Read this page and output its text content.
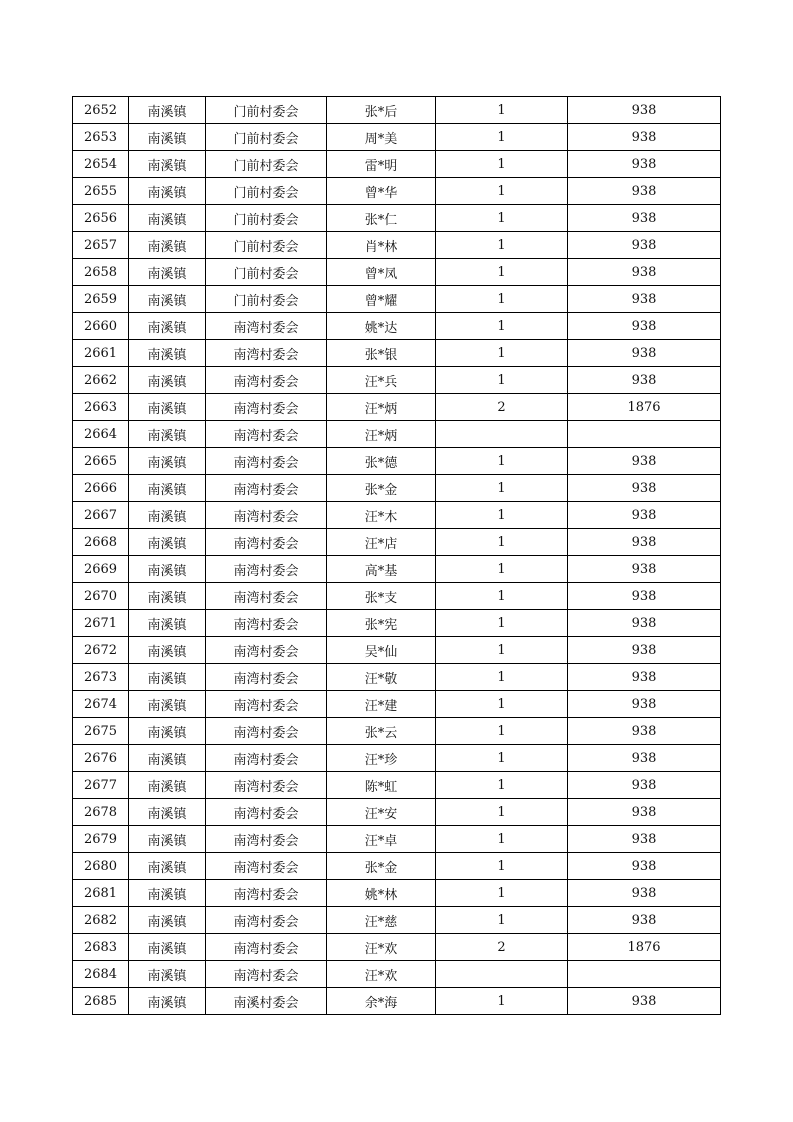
2652	南溪镇	门前村委会	张*后	1	938
2653	南溪镇	门前村委会	周*美	1	938
2654	南溪镇	门前村委会	雷*明	1	938
2655	南溪镇	门前村委会	曾*华	1	938
2656	南溪镇	门前村委会	张*仁	1	938
2657	南溪镇	门前村委会	肖*林	1	938
2658	南溪镇	门前村委会	曾*凤	1	938
2659	南溪镇	门前村委会	曾*耀	1	938
2660	南溪镇	南湾村委会	姚*达	1	938
2661	南溪镇	南湾村委会	张*银	1	938
2662	南溪镇	南湾村委会	汪*兵	1	938
2663	南溪镇	南湾村委会	汪*炳	2	1876
2664	南溪镇	南湾村委会	汪*炳		
2665	南溪镇	南湾村委会	张*德	1	938
2666	南溪镇	南湾村委会	张*金	1	938
2667	南溪镇	南湾村委会	汪*木	1	938
2668	南溪镇	南湾村委会	汪*店	1	938
2669	南溪镇	南湾村委会	高*基	1	938
2670	南溪镇	南湾村委会	张*支	1	938
2671	南溪镇	南湾村委会	张*宪	1	938
2672	南溪镇	南湾村委会	吴*仙	1	938
2673	南溪镇	南湾村委会	汪*敬	1	938
2674	南溪镇	南湾村委会	汪*建	1	938
2675	南溪镇	南湾村委会	张*云	1	938
2676	南溪镇	南湾村委会	汪*珍	1	938
2677	南溪镇	南湾村委会	陈*虹	1	938
2678	南溪镇	南湾村委会	汪*安	1	938
2679	南溪镇	南湾村委会	汪*卓	1	938
2680	南溪镇	南湾村委会	张*金	1	938
2681	南溪镇	南湾村委会	姚*林	1	938
2682	南溪镇	南湾村委会	汪*慈	1	938
2683	南溪镇	南湾村委会	汪*欢	2	1876
2684	南溪镇	南湾村委会	汪*欢		
2685	南溪镇	南溪村委会	余*海	1	938
